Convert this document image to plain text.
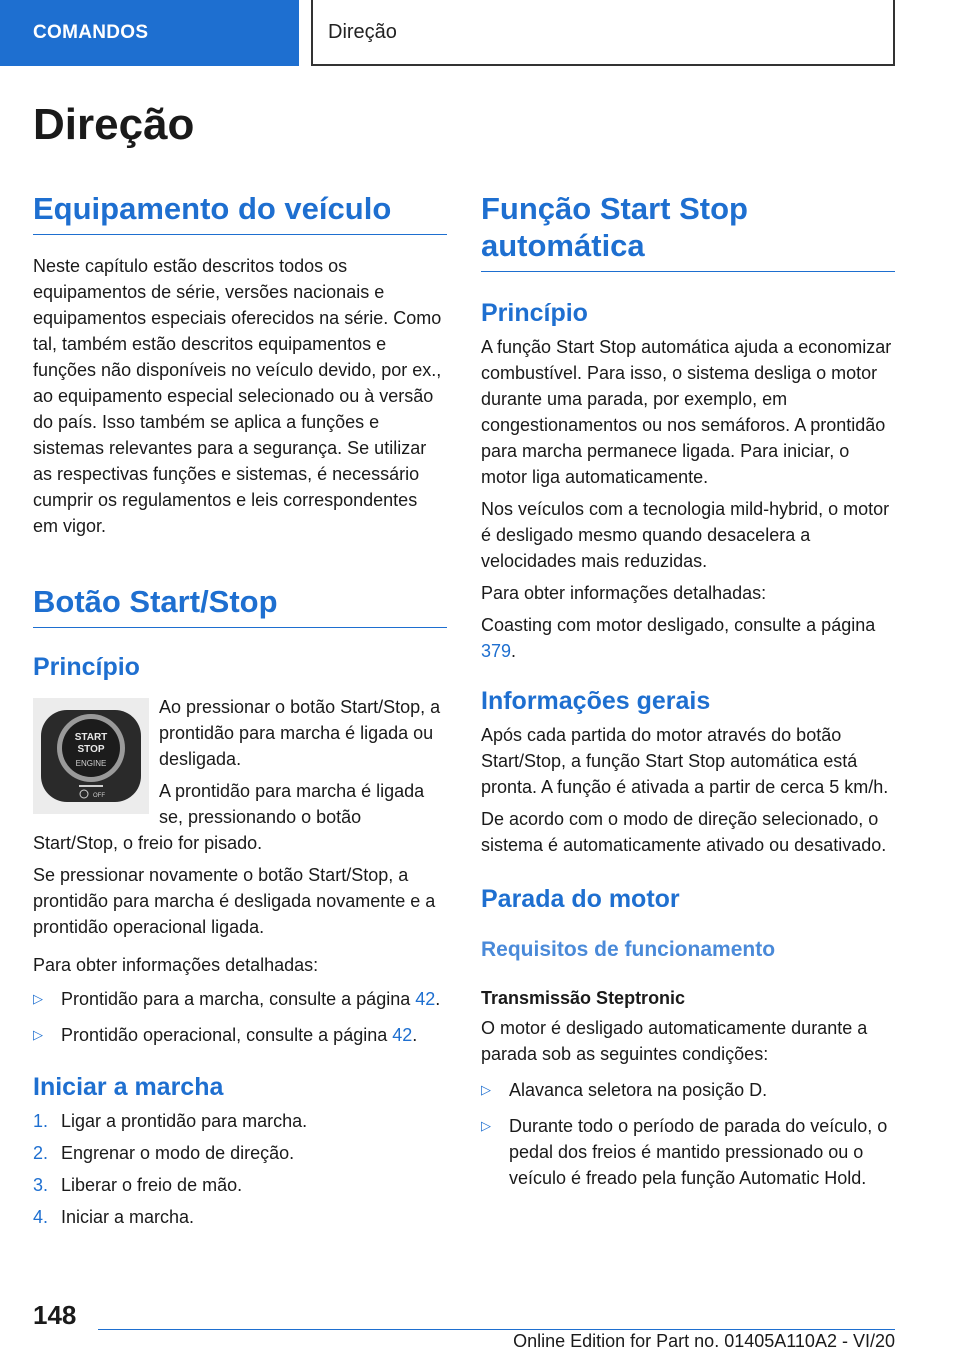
COMANDOS	Direção
Direção
Equipamento do veículo

Neste capítulo estão descritos todos os equipamentos de série, versões nacionais e equipamentos especiais oferecidos na série. Como tal, também estão descritos equipamentos e funções não disponíveis no veículo devido, por ex., ao equipamento especial selecionado ou à versão do país. Isso também se aplica a funções e sistemas relevantes para a segurança. Se utilizar as respectivas funções e sistemas, é necessário cumprir os regulamentos e leis correspondentes em vigor.

Botão Start/Stop
Princípio
START
STOP
ENGINE
OFF

Ao pressionar o botão Start/Stop, a prontidão para marcha é ligada ou desligada.

A prontidão para marcha é ligada se, pressionando o botão Start/Stop, o freio for pisado.

Se pressionar novamente o botão Start/Stop, a prontidão para marcha é desligada novamente e a prontidão operacional ligada.

Para obter informações detalhadas:

▷ Prontidão para a marcha, consulte a página 42.
▷ Prontidão operacional, consulte a página 42.
Iniciar a marcha
1. Ligar a prontidão para marcha.
2. Engrenar o modo de direção.
3. Liberar o freio de mão.
4. Iniciar a marcha.
Função Start Stop
automática
Princípio

A função Start Stop automática ajuda a economizar combustível. Para isso, o sistema desliga o motor durante uma parada, por exemplo, em congestionamentos ou nos semáforos. A prontidão para marcha permanece ligada. Para iniciar, o motor liga automaticamente.

Nos veículos com a tecnologia mild-hybrid, o motor é desligado mesmo quando desacelera a velocidades mais reduzidas.

Para obter informações detalhadas:

Coasting com motor desligado, consulte a página 379.

Informações gerais

Após cada partida do motor através do botão Start/Stop, a função Start Stop automática está pronta. A função é ativada a partir de cerca 5 km/h.

De acordo com o modo de direção selecionado, o sistema é automaticamente ativado ou desativado.

Parada do motor
Requisitos de funcionamento
Transmissão Steptronic

O motor é desligado automaticamente durante a parada sob as seguintes condições:

▷ Alavanca seletora na posição D.
▷ Durante todo o período de parada do veículo, o pedal dos freios é mantido pressionado ou o veículo é freado pela função Automatic Hold.
148
Online Edition for Part no. 01405A110A2 - VI/20
